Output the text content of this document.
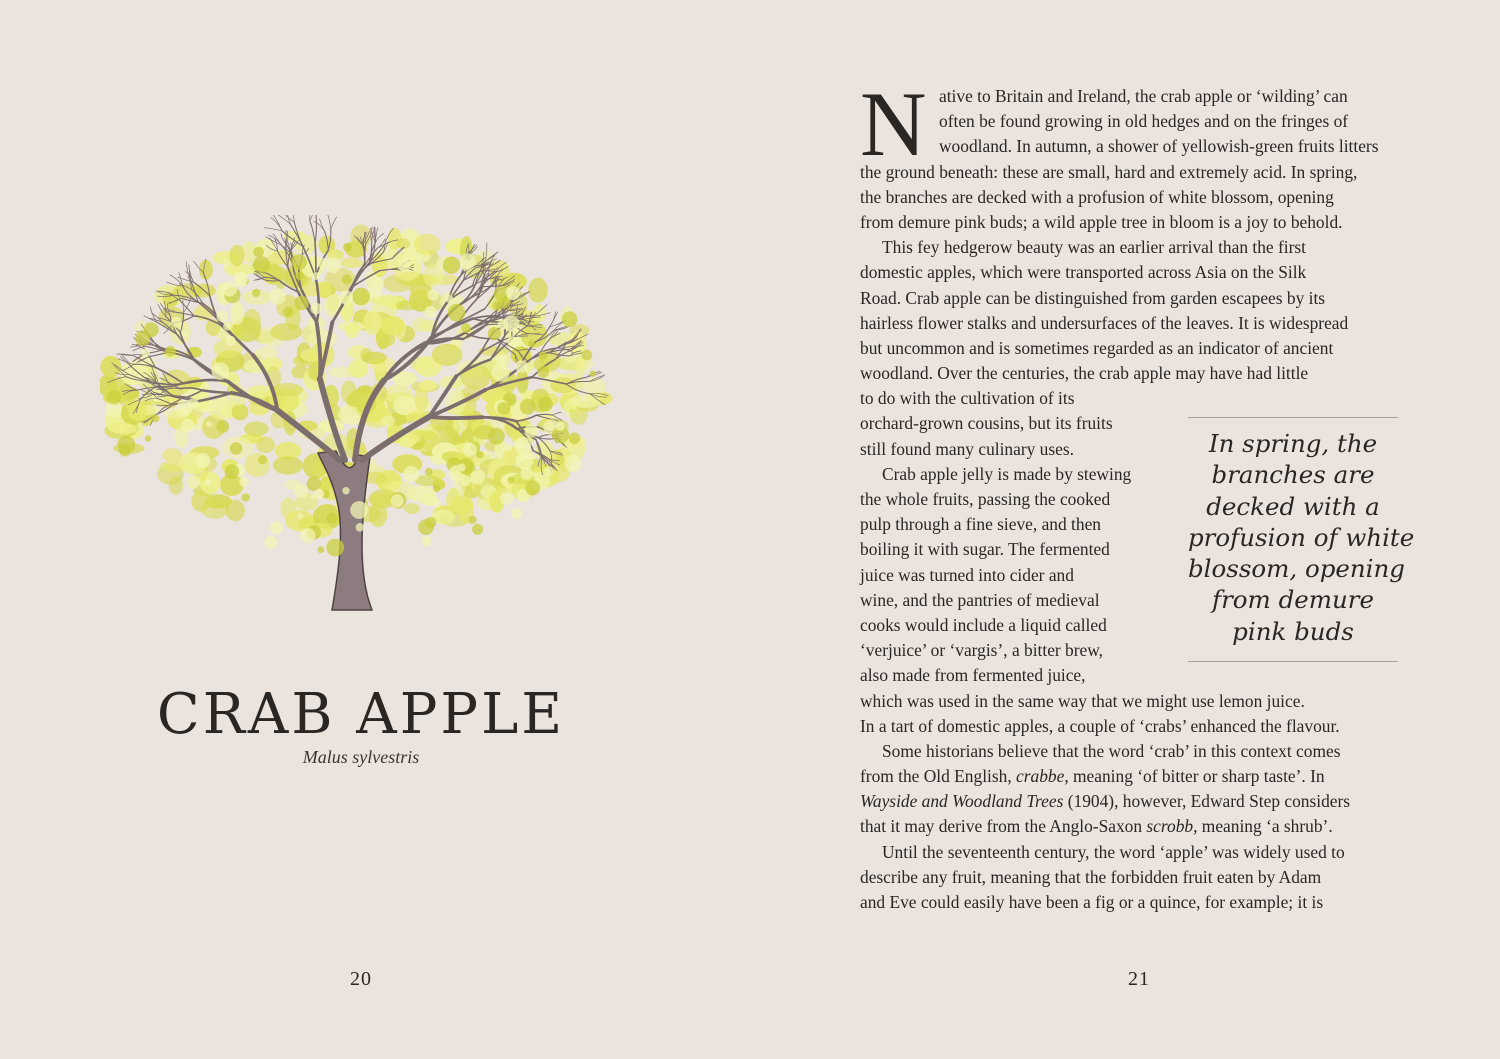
CRAB APPLE
Malus sylvestris
20
N ative to Britain and Ireland, the crab apple or ‘wilding’ can
often be found growing in old hedges and on the fringes of
woodland. In autumn, a shower of yellowish-green fruits litters
the ground beneath: these are small, hard and extremely acid. In spring,
the branches are decked with a profusion of white blossom, opening
from demure pink buds; a wild apple tree in bloom is a joy to behold.
This fey hedgerow beauty was an earlier arrival than the first
domestic apples, which were transported across Asia on the Silk
Road. Crab apple can be distinguished from garden escapees by its
hairless flower stalks and undersurfaces of the leaves. It is widespread
but uncommon and is sometimes regarded as an indicator of ancient
woodland. Over the centuries, the crab apple may have had little
to do with the cultivation of its
orchard-grown cousins, but its fruits
still found many culinary uses.
Crab apple jelly is made by stewing
the whole fruits, passing the cooked
pulp through a fine sieve, and then
boiling it with sugar. The fermented
juice was turned into cider and
wine, and the pantries of medieval
cooks would include a liquid called
‘verjuice’ or ‘vargis’, a bitter brew,
also made from fermented juice,
which was used in the same way that we might use lemon juice.
In a tart of domestic apples, a couple of ‘crabs’ enhanced the flavour.
Some historians believe that the word ‘crab’ in this context comes
from the Old English, crabbe, meaning ‘of bitter or sharp taste’. In
Wayside and Woodland Trees (1904), however, Edward Step considers
that it may derive from the Anglo-Saxon scrobb, meaning ‘a shrub’.
Until the seventeenth century, the word ‘apple’ was widely used to
describe any fruit, meaning that the forbidden fruit eaten by Adam
and Eve could easily have been a fig or a quince, for example; it is
In spring, the
branches are
decked with a
profusion of white
blossom, opening
from demure
pink buds
21
